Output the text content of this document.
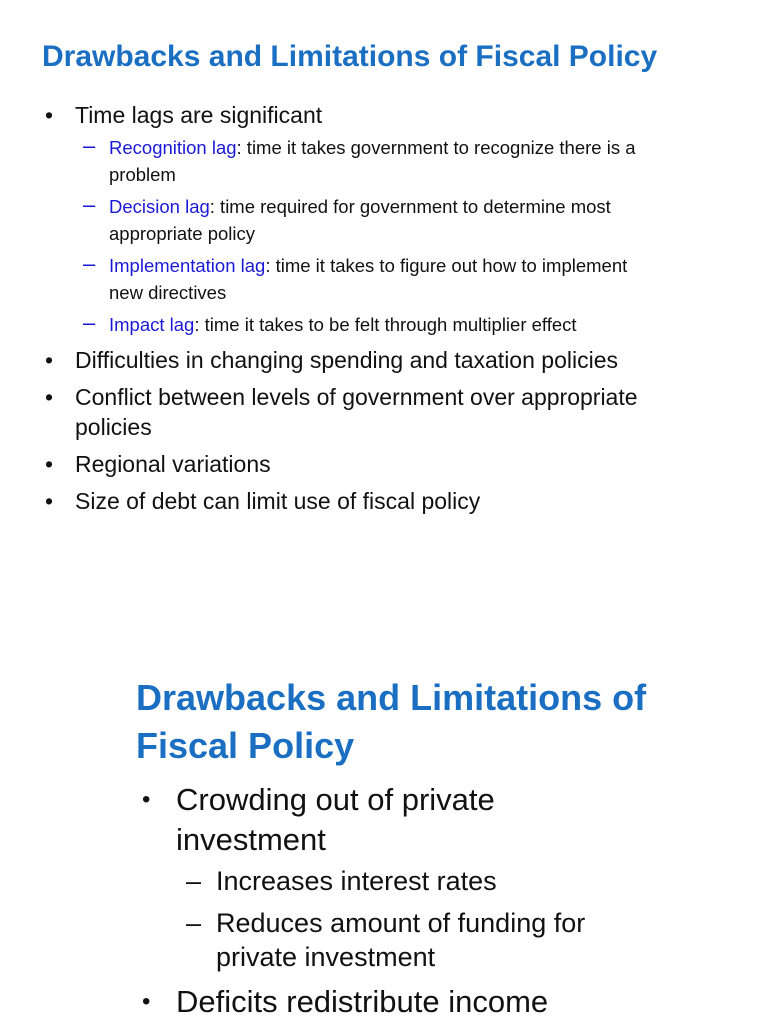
Drawbacks and Limitations of Fiscal Policy
• Time lags are significant
– Recognition lag: time it takes government to recognize there is a problem
– Decision lag: time required for government to determine most appropriate policy
– Implementation lag: time it takes to figure out how to implement new directives
– Impact lag: time it takes to be felt through multiplier effect
• Difficulties in changing spending and taxation policies
• Conflict between levels of government over appropriate policies
• Regional variations
• Size of debt can limit use of fiscal policy
Drawbacks and Limitations of Fiscal Policy
• Crowding out of private investment
– Increases interest rates
– Reduces amount of funding for private investment
• Deficits redistribute income
